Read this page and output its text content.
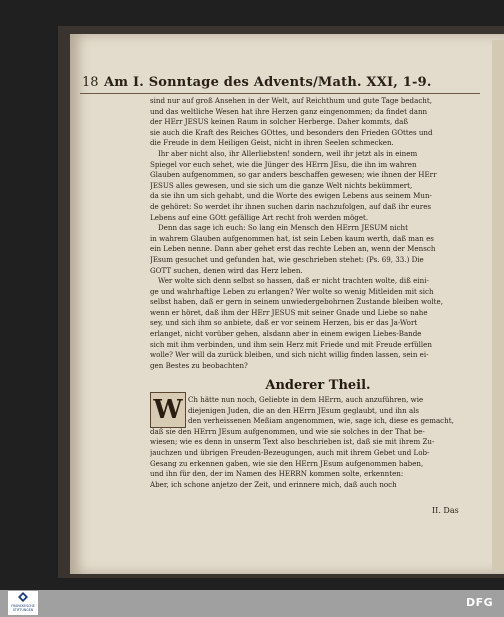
18 Am I. Sonntage des Advents/Math. XXI, 1-9.
sind nur auf groß Ansehen in der Welt, auf Reichthum und gute Tage bedacht,
und das weltliche Wesen hat ihre Herzen ganz eingenommen; da findet dann
der HErr JESUS keinen Raum in solcher Herberge. Daher kommts, daß
sie auch die Kraft des Reiches GOttes, und besonders den Frieden GOttes und
die Freude in dem Heiligen Geist, nicht in ihren Seelen schmecken.
Ihr aber nicht also, ihr Allerliebsten! sondern, weil ihr jetzt als in einem
Spiegel vor euch sehet, wie die Jünger des HErrn JEsu, die ihn im wahren
Glauben aufgenommen, so gar anders beschaffen gewesen; wie ihnen der HErr
JESUS alles gewesen, und sie sich um die ganze Welt nichts bekümmert,
da sie ihn um sich gehabt, und die Worte des ewigen Lebens aus seinem Mun-
de gehöret: So werdet ihr ihnen suchen darin nachzufolgen, auf daß ihr eures
Lebens auf eine GOtt gefällige Art recht froh werden möget.
Denn das sage ich euch: So lang ein Mensch den HErrn JESUM nicht
in wahrem Glauben aufgenommen hat, ist sein Leben kaum werth, daß man es
ein Leben nenne. Dann aber gehet erst das rechte Leben an, wenn der Mensch
JEsum gesuchet und gefunden hat, wie geschrieben stehet: (Ps. 69, 33.) Die
GOTT suchen, denen wird das Herz leben.
Wer wolte sich denn selbst so hassen, daß er nicht trachten wolte, diß eini-
ge und wahrhaftige Leben zu erlangen? Wer wolte so wenig Mitleiden mit sich
selbst haben, daß er gern in seinem unwiedergebohrnen Zustande bleiben wolte,
wenn er höret, daß ihm der HErr JESUS mit seiner Gnade und Liebe so nahe
sey, und sich ihm so anbiete, daß er vor seinem Herzen, bis er das Ja-Wort
erlanget, nicht vorüber gehen, alsdann aber in einem ewigen Liebes-Bande
sich mit ihm verbinden, und ihm sein Herz mit Friede und mit Freude erfüllen
wolle? Wer will da zurück bleiben, und sich nicht willig finden lassen, sein ei-
gen Bestes zu beobachten?
Anderer Theil.
W Ch hätte nun noch, Geliebte in dem HErrn, auch anzuführen, wie
diejenigen Juden, die an den HErrn JEsum geglaubt, und ihn als
den verheissenen Meßiam angenommen, wie, sage ich, diese es gemacht,
daß sie den HErrn JEsum aufgenommen, und wie sie solches in der That be-
wiesen; wie es denn in unserm Text also beschrieben ist, daß sie mit ihrem Zu-
jauchzen und übrigen Freuden-Bezeugungen, auch mit ihrem Gebet und Lob-
Gesang zu erkennen gaben, wie sie den HErrn JEsum aufgenommen haben,
und ihn für den, der im Namen des HERRN kommen solte, erkennten:
Aber, ich schone anjetzo der Zeit, und erinnere mich, daß auch noch
II. Das
FRANCKESCHE
STIFTUNGEN
DFG
